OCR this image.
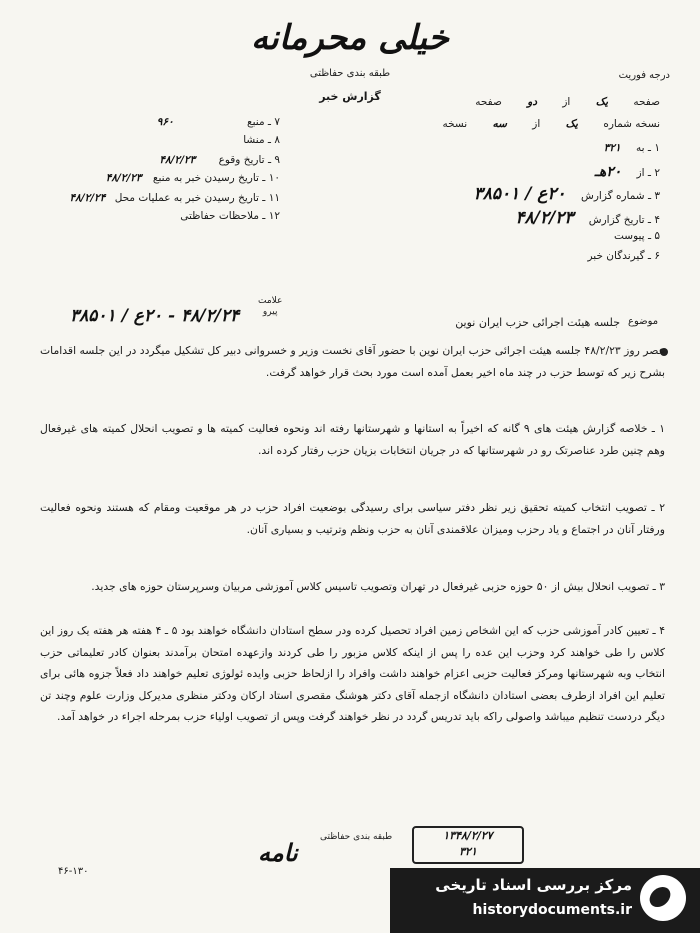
خیلی محرمانه
طبقه بندی حفاظتی
گزارش خبر
درجه فوریت
صفحه یک از دو صفحه
نسخه شماره یک از سه نسخه
۱ ـ به ۳۲۱
۲ ـ از ۲۰هـ
۳ ـ شماره گزارش ۲۰ع / ۳۸۵۰۱
۴ ـ تاریخ گزارش ۴۸/۲/۲۳
۵ ـ پیوست
۶ ـ گیرندگان خبر
۷ ـ منبع ۹۶۰
۸ ـ منشا
۹ ـ تاریخ وقوع ۴۸/۲/۲۳
۱۰ ـ تاریخ رسیدن خبر به منبع ۴۸/۲/۲۳
۱۱ ـ تاریخ رسیدن خبر به عملیات محل ۴۸/۲/۲۴
۱۲ ـ ملاحظات حفاظتی
موضوع
جلسه هیئت اجرائی حزب ایران نوین
علامت
پیرو
۴۸/۲/۲۴ - ۲۰ع / ۳۸۵۰۱
عصر روز ۴۸/۲/۲۳ جلسه هیئت اجرائی حزب ایران نوین با حضور آقای نخست وزیر و خسروانی دبیر کل تشکیل میگردد در این جلسه اقدامات بشرح زیر که توسط حزب در چند ماه اخیر بعمل آمده است مورد بحث قرار خواهد گرفت.
۱ ـ خلاصه گزارش هیئت های ۹ گانه که اخیراً به استانها و شهرستانها رفته اند ونحوه فعالیت کمیته ها و تصویب انحلال کمیته های غیرفعال وهم چنین طرد عناصرتک رو در شهرستانها که در جریان انتخابات بزیان حزب رفتار کرده اند.
۲ ـ تصویب انتخاب کمیته تحقیق زیر نظر دفتر سیاسی برای رسیدگی بوضعیت افراد حزب در هر موقعیت ومقام که هستند ونحوه فعالیت ورفتار آنان در اجتماع و یاد رحزب ومیزان علاقمندی آنان به حزب ونظم وترتیب و بسیاری آنان.
۳ ـ تصویب انحلال بیش از ۵۰ حوزه حزبی غیرفعال در تهران وتصویب تاسیس کلاس آموزشی مربیان وسرپرستان حوزه های جدید.
۴ ـ تعیین کادر آموزشی حزب که این اشخاص زمین افراد تحصیل کرده ودر سطح استادان دانشگاه خواهند بود ۵ ـ ۴ هفته هر هفته یک روز این کلاس را طی خواهند کرد وحزب این عده را پس از اینکه کلاس مزبور را طی کردند وازعهده امتحان برآمدند بعنوان کادر تعلیماتی حزب انتخاب وبه شهرستانها ومرکز فعالیت حزبی اعزام خواهند داشت وافراد را ازلحاظ حزبی وایده ئولوژی تعلیم خواهند داد فعلاً جزوه هائی برای تعلیم این افراد ازطرف بعضی استادان دانشگاه ازجمله آقای دکتر هوشنگ مقصری استاد ارکان ودکتر منظری مدیرکل وزارت علوم وچند تن دیگر دردست تنظیم میباشد واصولی راکه باید تدریس گردد در نظر خواهند گرفت وپس از تصویب اولیاء حزب بمرحله اجراء در خواهد آمد.
نامه
طبقه بندی حفاظتی	۱۳۴۸/۲/۲۷
۳۲۱
۴۶-۱۳۰
مرکز بررسی اسناد تاریخی
historydocuments.ir
